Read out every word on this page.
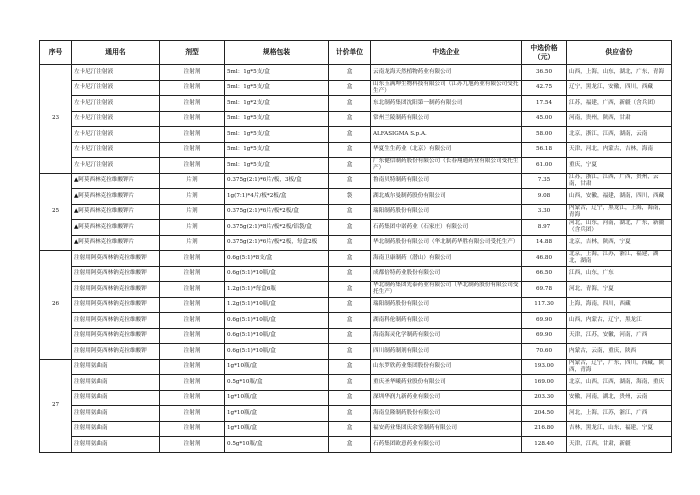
序号	通用名	剂型	规格包装	计价单位	中选企业	中选价格（元）	供应省份
23	左卡尼汀注射液	注射剂	5ml：1g*5支/盒	盒	云南龙海天然植物药业有限公司	36.50	山西，上海，山东，湖北，广东，青海
	左卡尼汀注射液	注射剂	5ml：1g*5支/盒	盒	山东玉满坤生物科技有限公司（江苏九旭药业有限公司受托生产）	42.75	辽宁，黑龙江，安徽，四川，西藏
	左卡尼汀注射液	注射剂	5ml：1g*2支/盒	盒	东北制药集团沈阳第一制药有限公司	17.54	江苏，福建，广西，新疆（含兵团）
	左卡尼汀注射液	注射剂	5ml：1g*5支/盒	盒	常州兰陵制药有限公司	45.00	河南，贵州，陕西，甘肃
	左卡尼汀注射液	注射剂	5ml：1g*5支/盒	盒	ALFASIGMA S.p.A.	58.00	北京，浙江，江西，湖南，云南
	左卡尼汀注射液	注射剂	5ml：1g*5支/盒	盒	华夏生生药业（北京）有限公司	56.18	天津，河北，内蒙古，吉林，海南
	左卡尼汀注射液	注射剂	5ml：1g*5支/盒	盒	广东健信制药股份有限公司（长春翔通药业有限公司受托生产）	61.00	重庆，宁夏
25	▲阿莫西林克拉维酸钾片	片剂	0.375g(2:1)*6片/板，3板/盒	盒	鲁南贝特制药有限公司	7.35	江苏，浙江，江西，广西，贵州，云南，甘肃
	▲阿莫西林克拉维酸钾片	片剂	1g(7:1)*4片/板*2板/盒	袋	湖北威尔曼制药股份有限公司	9.08	山西，安徽，福建，湖南，四川，西藏
	▲阿莫西林克拉维酸钾片	片剂	0.375g(2:1)*6片/板*2板/盒	盒	瑞阳制药股份有限公司	3.30	内蒙古，辽宁，黑龙江，上海，海南，青海
	▲阿莫西林克拉维酸钾片	片剂	0.375g(2:1)*8片/板*2板/铝袋/盒	盒	石药集团中诺药业（石家庄）有限公司	8.97	河北，山东，河南，湖北，广东，新疆（含兵团）
	▲阿莫西林克拉维酸钾片	片剂	0.375g(2:1)*6片/板*2板，每盒2板	盒	华北制药股份有限公司（华北制药华胜有限公司受托生产）	14.88	北京，吉林，陕西，宁夏
26	注射用阿莫西林钠克拉维酸钾	注射剂	0.6g(5:1)*8支/盒	盒	海南卫康制药（潜山）有限公司	46.80	北京，上海，江苏，浙江，福建，湖北，湖南
	注射用阿莫西林钠克拉维酸钾	注射剂	0.6g(5:1)*10瓶/盒	盒	成都倍特药业股份有限公司	66.50	江西，山东，广东
	注射用阿莫西林钠克拉维酸钾	注射剂	1.2g(5:1)*每盒6瓶	盒	华北制药集团先泰药业有限公司（华北制药股份有限公司受托生产）	69.78	河北，青海，宁夏
	注射用阿莫西林钠克拉维酸钾	注射剂	1.2g(5:1)*10瓶/盒	盒	瑞阳制药股份有限公司	117.30	上海，海南，四川，西藏
	注射用阿莫西林钠克拉维酸钾	注射剂	0.6g(5:1)*10瓶/盒	盒	湖南科伦制药有限公司	69.90	山西，内蒙古，辽宁，黑龙江
	注射用阿莫西林钠克拉维酸钾	注射剂	0.6g(5:1)*10瓶/盒	盒	海南海灵化学制药有限公司	69.90	天津，江苏，安徽，河南，广西
	注射用阿莫西林钠克拉维酸钾	注射剂	0.6g(5:1)*10瓶/盒	盒	四川制药制剂有限公司	70.60	内蒙古，云南，重庆，陕西
27	注射用氨曲南	注射剂	1g*10瓶/盒	盒	山东罗欣药业集团股份有限公司	193.00	内蒙古，辽宁，广东，四川，西藏，陕西，青海
	注射用氨曲南	注射剂	0.5g*10瓶/盒	盒	重庆圣华曦药业股份有限公司	169.00	北京，山西，江西，湖南，海南，重庆
	注射用氨曲南	注射剂	1g*10瓶/盒	盒	深圳华润九新药业有限公司	203.30	安徽，河南，湖北，贵州，云南
	注射用氨曲南	注射剂	1g*10瓶/盒	盒	海南皇隆制药股份有限公司	204.50	河北，上海，江苏，浙江，广西
	注射用氨曲南	注射剂	1g*10瓶/盒	盒	福安药业集团庆余堂制药有限公司	216.80	吉林，黑龙江，山东，福建，宁夏
	注射用氨曲南	注射剂	0.5g*10瓶/盒	盒	石药集团欧意药业有限公司	128.40	天津，江西，甘肃，新疆
